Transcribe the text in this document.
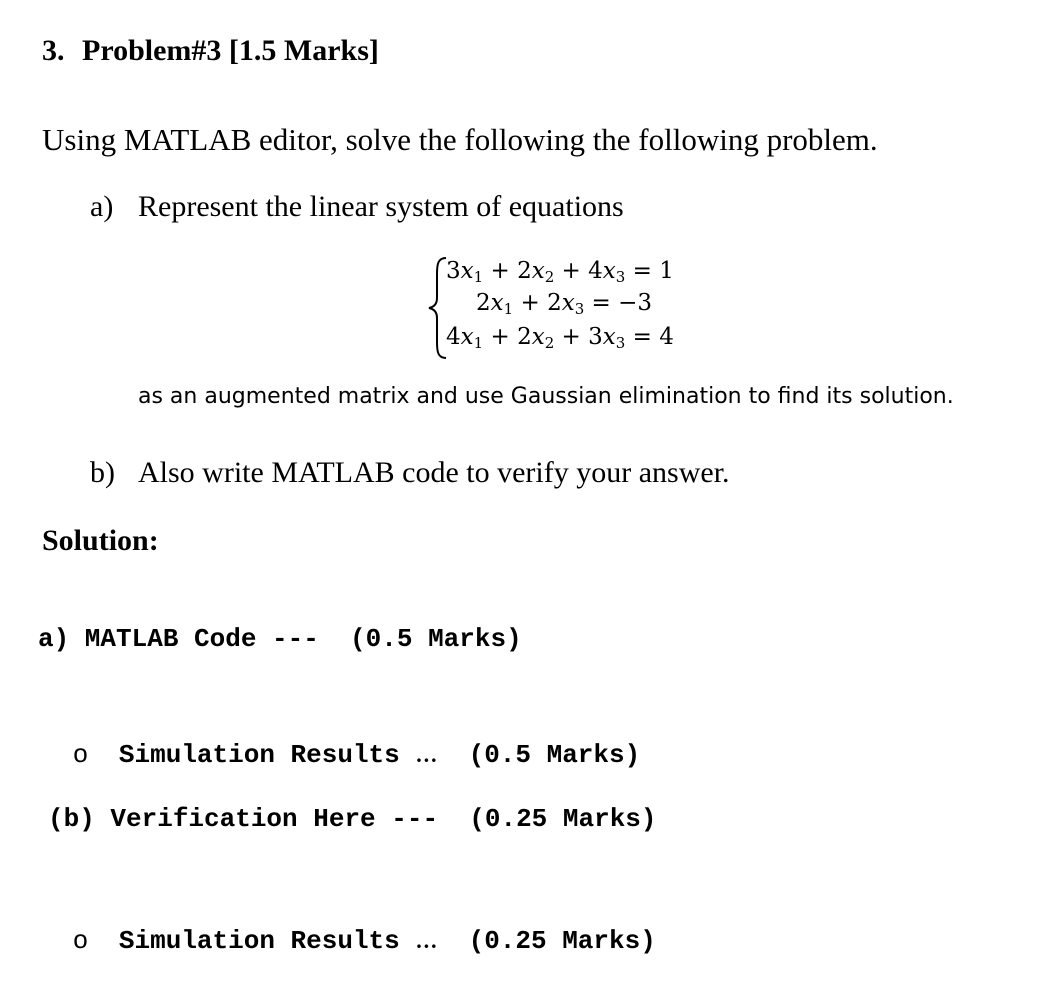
3. Problem#3 [1.5 Marks]
Using MATLAB editor, solve the following the following problem.
a) Represent the linear system of equations
$3x_1 + 2x_2 + 4x_3 = 1$
$2x_1 + 2x_3 = -3$
$4x_1 + 2x_2 + 3x_3 = 4$
as an augmented matrix and use Gaussian elimination to find its solution.
b) Also write MATLAB code to verify your answer.
Solution:
a) MATLAB Code ---  (0.5 Marks)

o Simulation Results … (0.5 Marks)

(b) Verification Here ---  (0.25 Marks)

o Simulation Results … (0.25 Marks)
